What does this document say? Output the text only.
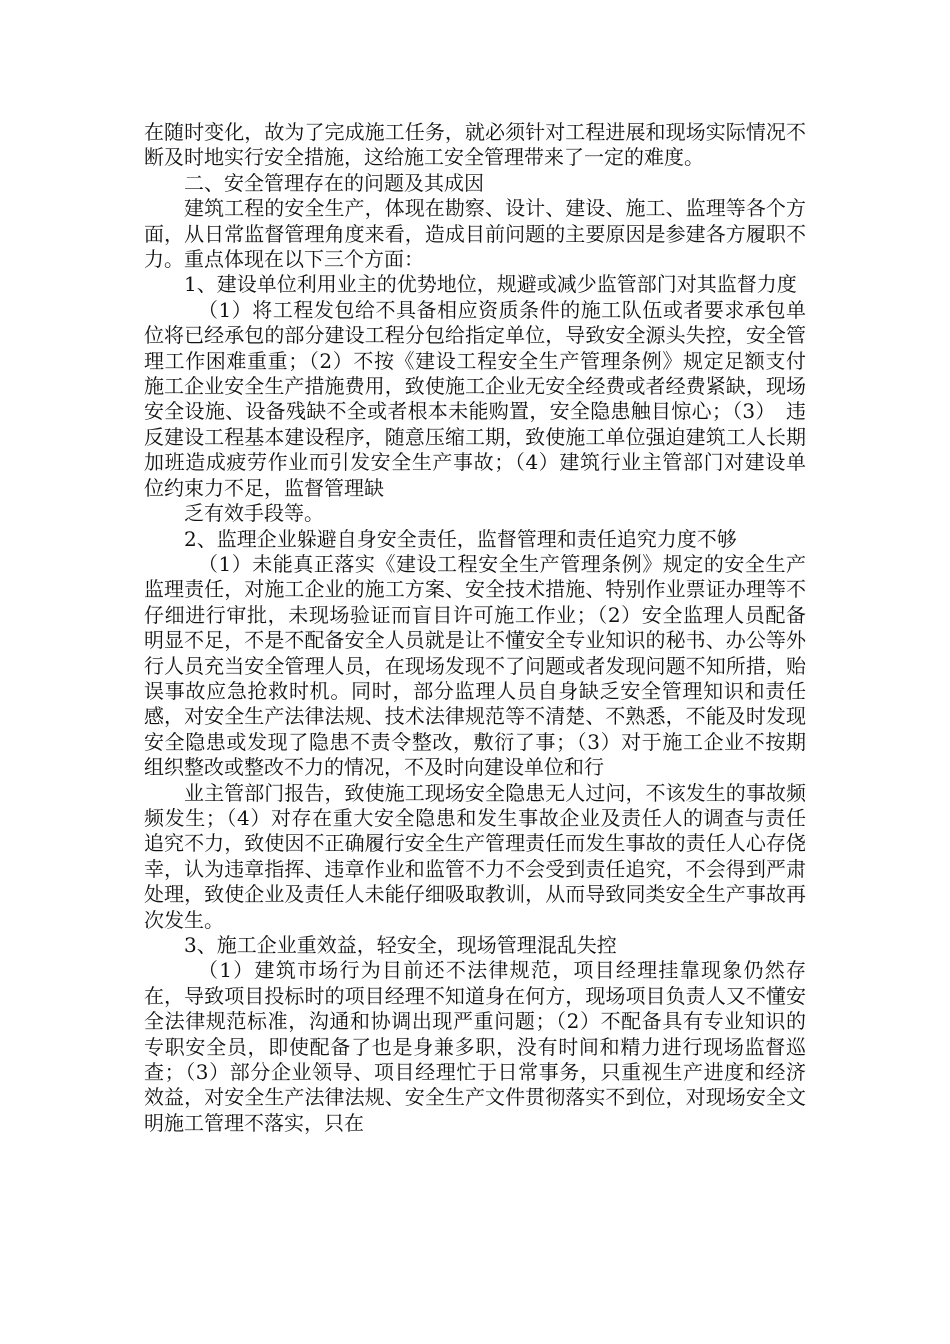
在随时变化，故为了完成施工任务，就必须针对工程进展和现场实际情况不断及时地实行安全措施，这给施工安全管理带来了一定的难度。

二、安全管理存在的问题及其成因

建筑工程的安全生产，体现在勘察、设计、建设、施工、监理等各个方面，从日常监督管理角度来看，造成目前问题的主要原因是参建各方履职不力。重点体现在以下三个方面：

1、建设单位利用业主的优势地位，规避或减少监管部门对其监督力度

（1）将工程发包给不具备相应资质条件的施工队伍或者要求承包单位将已经承包的部分建设工程分包给指定单位，导致安全源头失控，安全管理工作困难重重；（2）不按《建设工程安全生产管理条例》规定足额支付施工企业安全生产措施费用，致使施工企业无安全经费或者经费紧缺，现场安全设施、设备残缺不全或者根本未能购置，安全隐患触目惊心；（3）　违反建设工程基本建设程序，随意压缩工期，致使施工单位强迫建筑工人长期加班造成疲劳作业而引发安全生产事故；（4）建筑行业主管部门对建设单位约束力不足，监督管理缺

乏有效手段等。

2、监理企业躲避自身安全责任，监督管理和责任追究力度不够

（1）未能真正落实《建设工程安全生产管理条例》规定的安全生产监理责任，对施工企业的施工方案、安全技术措施、特别作业票证办理等不仔细进行审批，未现场验证而盲目许可施工作业；（2）安全监理人员配备明显不足，不是不配备安全人员就是让不懂安全专业知识的秘书、办公等外行人员充当安全管理人员，在现场发现不了问题或者发现问题不知所措，贻误事故应急抢救时机。同时，部分监理人员自身缺乏安全管理知识和责任感，对安全生产法律法规、技术法律规范等不清楚、不熟悉，不能及时发现安全隐患或发现了隐患不责令整改，敷衍了事；（3）对于施工企业不按期组织整改或整改不力的情况，不及时向建设单位和行

业主管部门报告，致使施工现场安全隐患无人过问，不该发生的事故频频发生；（4）对存在重大安全隐患和发生事故企业及责任人的调查与责任追究不力，致使因不正确履行安全生产管理责任而发生事故的责任人心存侥幸，认为违章指挥、违章作业和监管不力不会受到责任追究，不会得到严肃处理，致使企业及责任人未能仔细吸取教训，从而导致同类安全生产事故再次发生。

3、施工企业重效益，轻安全，现场管理混乱失控

（1）建筑市场行为目前还不法律规范，项目经理挂靠现象仍然存在，导致项目投标时的项目经理不知道身在何方，现场项目负责人又不懂安全法律规范标准，沟通和协调出现严重问题；（2）不配备具有专业知识的专职安全员，即使配备了也是身兼多职，没有时间和精力进行现场监督巡查；（3）部分企业领导、项目经理忙于日常事务，只重视生产进度和经济效益，对安全生产法律法规、安全生产文件贯彻落实不到位，对现场安全文明施工管理不落实，只在
